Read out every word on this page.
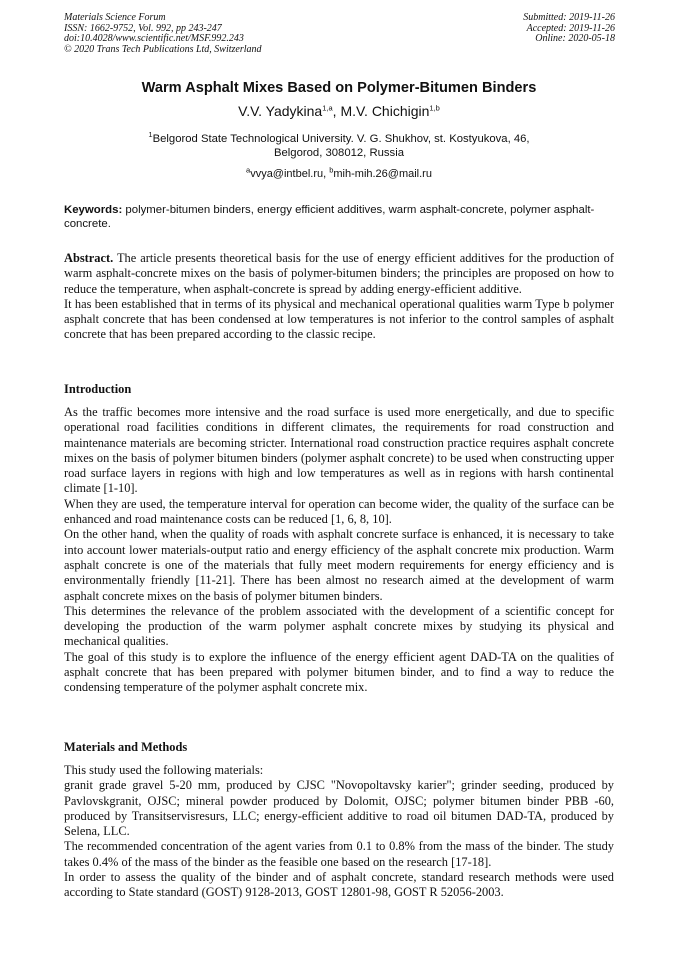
Materials Science Forum
ISSN: 1662-9752, Vol. 992, pp 243-247
doi:10.4028/www.scientific.net/MSF.992.243
© 2020 Trans Tech Publications Ltd, Switzerland
Submitted: 2019-11-26
Accepted: 2019-11-26
Online: 2020-05-18
Warm Asphalt Mixes Based on Polymer-Bitumen Binders
V.V. Yadykina$^{1,a}$, M.V. Chichigin$^{1,b}$
$^1$Belgorod State Technological University. V. G. Shukhov, st. Kostyukova, 46,
Belgorod, 308012, Russia
$^a$vvya@intbel.ru, $^b$mih-mih.26@mail.ru
Keywords: polymer-bitumen binders, energy efficient additives, warm asphalt-concrete, polymer asphalt-concrete.

Abstract. The article presents theoretical basis for the use of energy efficient additives for the production of warm asphalt-concrete mixes on the basis of polymer-bitumen binders; the principles are proposed on how to reduce the temperature, when asphalt-concrete is spread by adding energy-efficient additive.

It has been established that in terms of its physical and mechanical operational qualities warm Type b polymer asphalt concrete that has been condensed at low temperatures is not inferior to the control samples of asphalt concrete that has been prepared according to the classic recipe.

Introduction

As the traffic becomes more intensive and the road surface is used more energetically, and due to specific operational road facilities conditions in different climates, the requirements for road construction and maintenance materials are becoming stricter. International road construction practice requires asphalt concrete mixes on the basis of polymer bitumen binders (polymer asphalt concrete) to be used when constructing upper road surface layers in regions with high and low temperatures as well as in regions with harsh continental climate [1-10].

When they are used, the temperature interval for operation can become wider, the quality of the surface can be enhanced and road maintenance costs can be reduced [1, 6, 8, 10].

On the other hand, when the quality of roads with asphalt concrete surface is enhanced, it is necessary to take into account lower materials-output ratio and energy efficiency of the asphalt concrete mix production. Warm asphalt concrete is one of the materials that fully meet modern requirements for energy efficiency and is environmentally friendly [11-21]. There has been almost no research aimed at the development of warm asphalt concrete mixes on the basis of polymer bitumen binders.

This determines the relevance of the problem associated with the development of a scientific concept for developing the production of the warm polymer asphalt concrete mixes by studying its physical and mechanical qualities.

The goal of this study is to explore the influence of the energy efficient agent DAD-TA on the qualities of asphalt concrete that has been prepared with polymer bitumen binder, and to find a way to reduce the condensing temperature of the polymer asphalt concrete mix.

Materials and Methods

This study used the following materials:

granit grade gravel 5-20 mm, produced by CJSC "Novopoltavsky karier"; grinder seeding, produced by Pavlovskgranit, OJSC; mineral powder produced by Dolomit, OJSC; polymer bitumen binder PBB -60, produced by Transitservisresurs, LLC; energy-efficient additive to road oil bitumen DAD-TA, produced by Selena, LLC.

The recommended concentration of the agent varies from 0.1 to 0.8% from the mass of the binder. The study takes 0.4% of the mass of the binder as the feasible one based on the research [17-18].

In order to assess the quality of the binder and of asphalt concrete, standard research methods were used according to State standard (GOST) 9128-2013, GOST 12801-98, GOST R 52056-2003.
